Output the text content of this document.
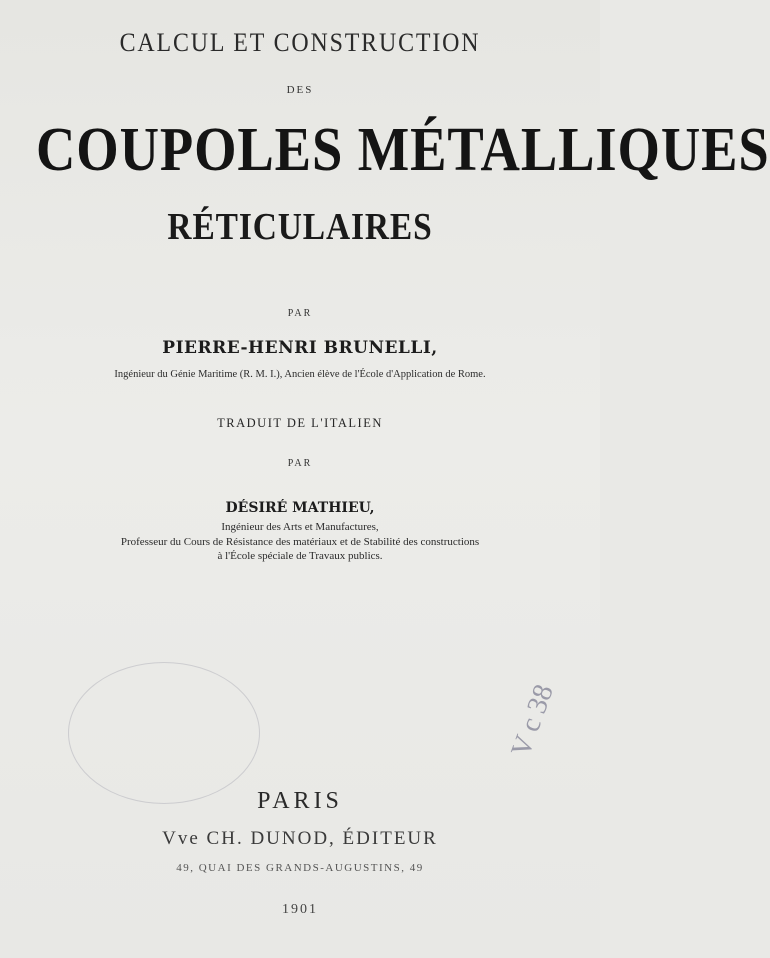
CALCUL ET CONSTRUCTION
DES
COUPOLES MÉTALLIQUES
RÉTICULAIRES
PAR
PIERRE-HENRI BRUNELLI,
Ingénieur du Génie Maritime (R. M. I.), Ancien élève de l'École d'Application de Rome.
TRADUIT DE L'ITALIEN
PAR
DÉSIRÉ MATHIEU,
Ingénieur des Arts et Manufactures,
Professeur du Cours de Résistance des matériaux et de Stabilité des constructions
à l'École spéciale de Travaux publics.
V c 38
PARIS
Vve CH. DUNOD, ÉDITEUR
49, QUAI DES GRANDS-AUGUSTINS, 49
1901
